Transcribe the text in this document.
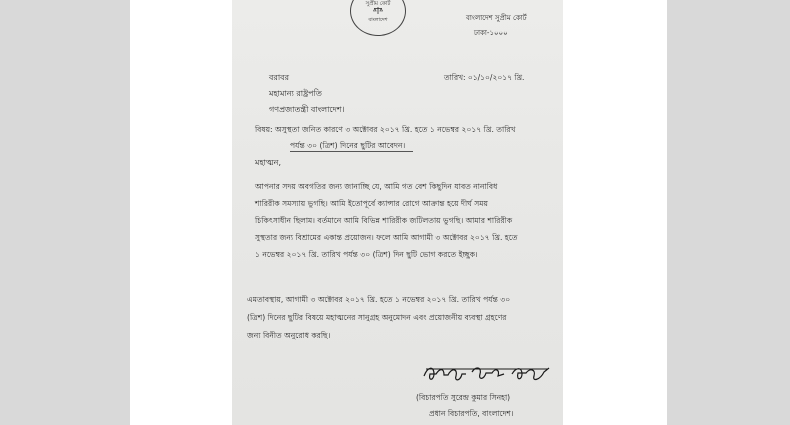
সুপ্রীম কোর্ট
বাংলাদেশ	বাংলাদেশ সুপ্রীম কোর্ট
ঢাকা-১০০০
তারিখ: ০১/১০/২০১৭ খ্রি.
বরাবর
মহামান্য রাষ্ট্রপতি
গণপ্রজাতন্ত্রী বাংলাদেশ।
বিষয়: অসুস্থতা জনিত কারণে ৩ অক্টোবর ২০১৭ খ্রি. হতে ১ নভেম্বর ২০১৭ খ্রি. তারিখ
পর্যন্ত ৩০ (ত্রিশ) দিনের ছুটির আবেদন।
মহাত্মন,
আপনার সদয় অবগতির জন্য জানাচ্ছি যে, আমি গত বেশ কিছুদিন যাবত নানাবিধ
শারিরীক সমস্যায় ভুগছি। আমি ইতোপূর্বে ক্যান্সার রোগে আক্রান্ত হয়ে দীর্ঘ সময়
চিকিৎসাধীন ছিলাম। বর্তমানে আমি বিভিন্ন শারিরীক জটিলতায় ভুগছি। আমার শারিরীক
সুস্থতার জন্য বিশ্রামের একান্ত প্রয়োজন। ফলে আমি আগামী ৩ অক্টোবর ২০১৭ খ্রি. হতে
১ নভেম্বর ২০১৭ খ্রি. তারিখ পর্যন্ত ৩০ (ত্রিশ) দিন ছুটি ভোগ করতে ইচ্ছুক।
এমতাবস্থায়, আগামী ৩ অক্টোবর ২০১৭ খ্রি. হতে ১ নভেম্বর ২০১৭ খ্রি. তারিখ পর্যন্ত ৩০
(ত্রিশ) দিনের ছুটির বিষয়ে মহাত্মনের সানুগ্রহ অনুমোদন এবং প্রয়োজনীয় ব্যবস্থা গ্রহণের
জন্য বিনীত অনুরোধ করছি।
(বিচারপতি সুরেন্দ্র কুমার সিনহা)
প্রধান বিচারপতি, বাংলাদেশ।
